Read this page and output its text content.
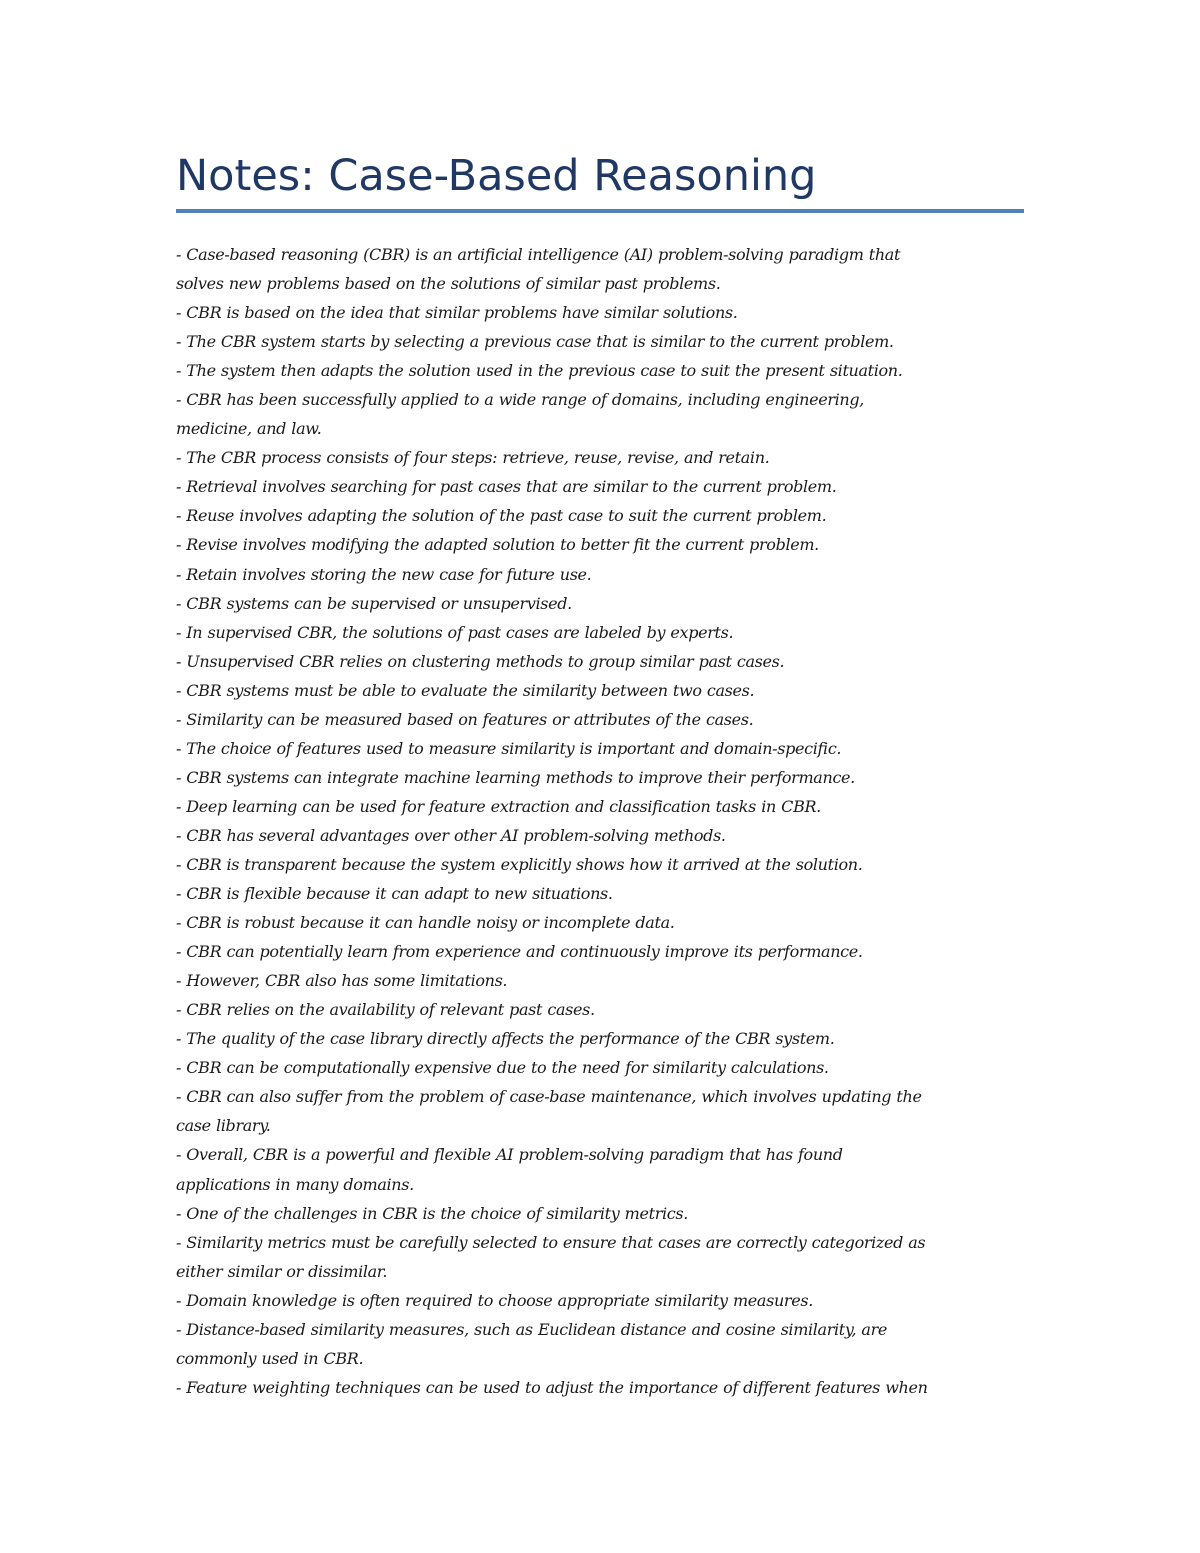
Notes: Case-Based Reasoning
- Case-based reasoning (CBR) is an artificial intelligence (AI) problem-solving paradigm that
solves new problems based on the solutions of similar past problems.
- CBR is based on the idea that similar problems have similar solutions.
- The CBR system starts by selecting a previous case that is similar to the current problem.
- The system then adapts the solution used in the previous case to suit the present situation.
- CBR has been successfully applied to a wide range of domains, including engineering,
medicine, and law.
- The CBR process consists of four steps: retrieve, reuse, revise, and retain.
- Retrieval involves searching for past cases that are similar to the current problem.
- Reuse involves adapting the solution of the past case to suit the current problem.
- Revise involves modifying the adapted solution to better fit the current problem.
- Retain involves storing the new case for future use.
- CBR systems can be supervised or unsupervised.
- In supervised CBR, the solutions of past cases are labeled by experts.
- Unsupervised CBR relies on clustering methods to group similar past cases.
- CBR systems must be able to evaluate the similarity between two cases.
- Similarity can be measured based on features or attributes of the cases.
- The choice of features used to measure similarity is important and domain-specific.
- CBR systems can integrate machine learning methods to improve their performance.
- Deep learning can be used for feature extraction and classification tasks in CBR.
- CBR has several advantages over other AI problem-solving methods.
- CBR is transparent because the system explicitly shows how it arrived at the solution.
- CBR is flexible because it can adapt to new situations.
- CBR is robust because it can handle noisy or incomplete data.
- CBR can potentially learn from experience and continuously improve its performance.
- However, CBR also has some limitations.
- CBR relies on the availability of relevant past cases.
- The quality of the case library directly affects the performance of the CBR system.
- CBR can be computationally expensive due to the need for similarity calculations.
- CBR can also suffer from the problem of case-base maintenance, which involves updating the
case library.
- Overall, CBR is a powerful and flexible AI problem-solving paradigm that has found
applications in many domains.
- One of the challenges in CBR is the choice of similarity metrics.
- Similarity metrics must be carefully selected to ensure that cases are correctly categorized as
either similar or dissimilar.
- Domain knowledge is often required to choose appropriate similarity measures.
- Distance-based similarity measures, such as Euclidean distance and cosine similarity, are
commonly used in CBR.
- Feature weighting techniques can be used to adjust the importance of different features when
